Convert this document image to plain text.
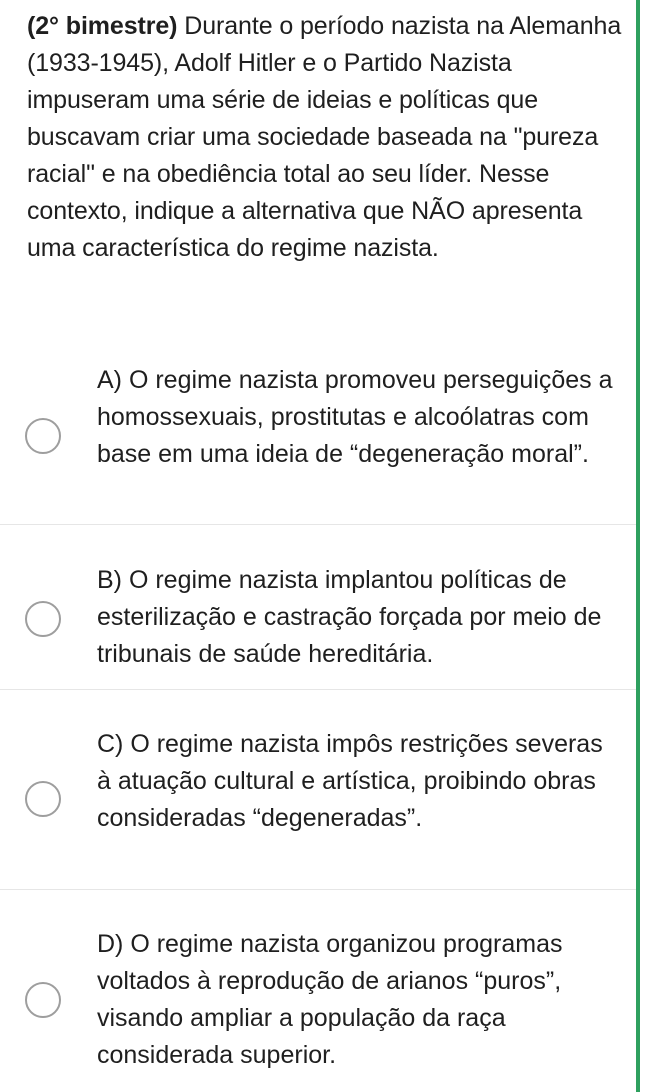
(2° bimestre) Durante o período nazista na Alemanha (1933-1945), Adolf Hitler e o Partido Nazista impuseram uma série de ideias e políticas que buscavam criar uma sociedade baseada na "pureza racial" e na obediência total ao seu líder. Nesse contexto, indique a alternativa que NÃO apresenta uma característica do regime nazista.
A) O regime nazista promoveu perseguições a homossexuais, prostitutas e alcoólatras com base em uma ideia de “degeneração moral”.
B) O regime nazista implantou políticas de esterilização e castração forçada por meio de tribunais de saúde hereditária.
C) O regime nazista impôs restrições severas à atuação cultural e artística, proibindo obras consideradas “degeneradas”.
D) O regime nazista organizou programas voltados à reprodução de arianos “puros”, visando ampliar a população da raça considerada superior.
